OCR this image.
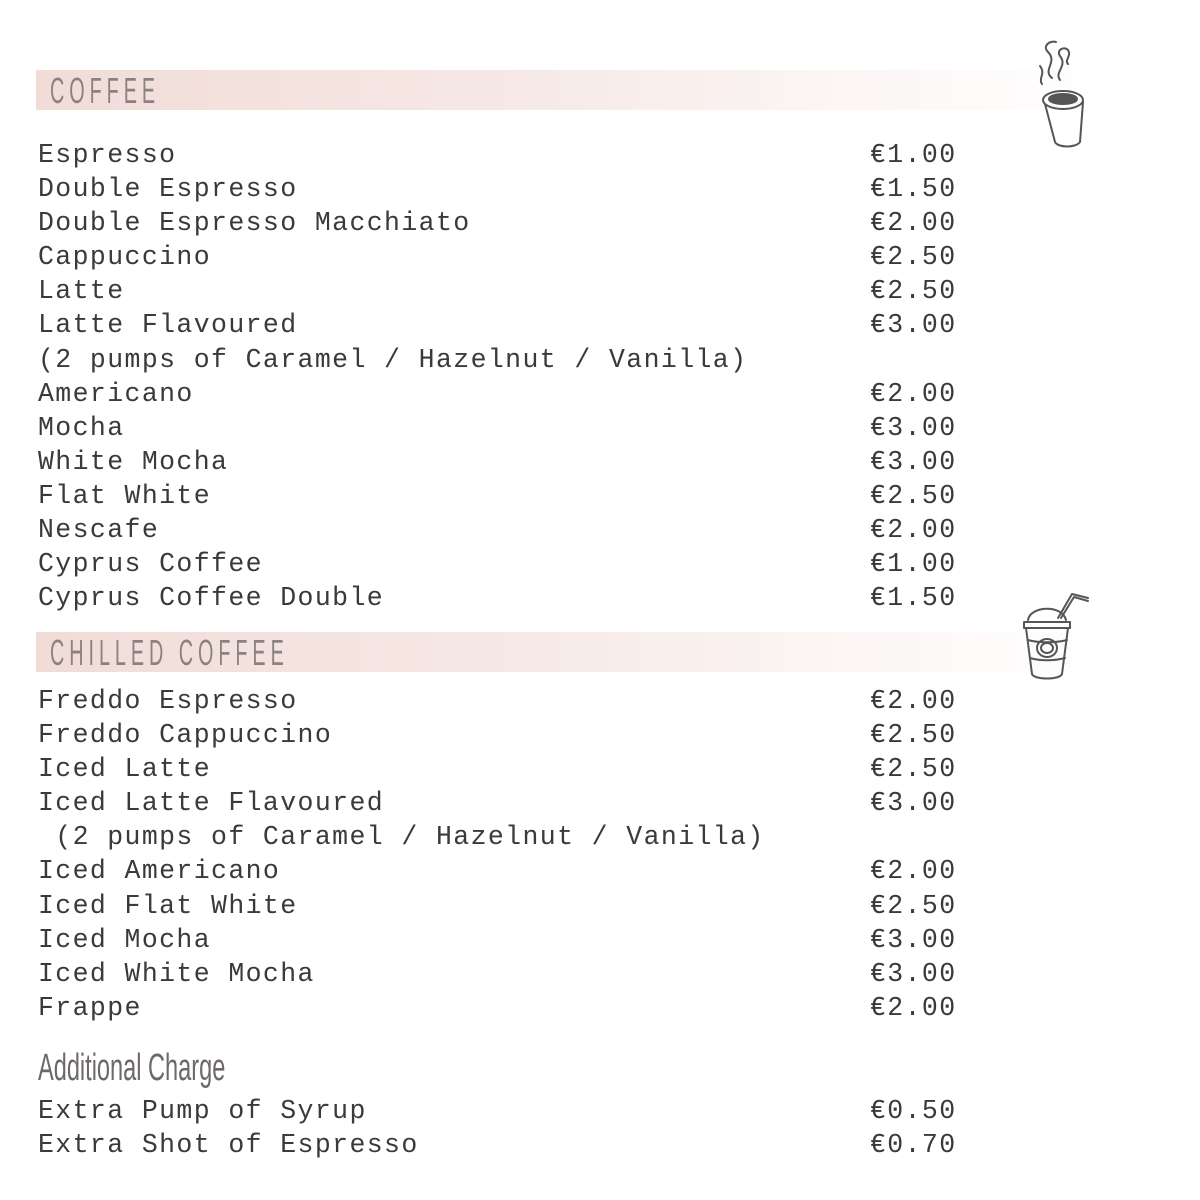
COFFEE
Espresso	€1.00
Double Espresso	€1.50
Double Espresso Macchiato	€2.00
Cappuccino	€2.50
Latte	€2.50
Latte Flavoured	€3.00
(2 pumps of Caramel / Hazelnut / Vanilla)
Americano	€2.00
Mocha	€3.00
White Mocha	€3.00
Flat White	€2.50
Nescafe	€2.00
Cyprus Coffee	€1.00
Cyprus Coffee Double	€1.50
CHILLED COFFEE
Freddo Espresso	€2.00
Freddo Cappuccino	€2.50
Iced Latte	€2.50
Iced Latte Flavoured	€3.00
(2 pumps of Caramel / Hazelnut / Vanilla)
Iced Americano	€2.00
Iced Flat White	€2.50
Iced Mocha	€3.00
Iced White Mocha	€3.00
Frappe	€2.00
Additional Charge
Extra Pump of Syrup	€0.50
Extra Shot of Espresso	€0.70
